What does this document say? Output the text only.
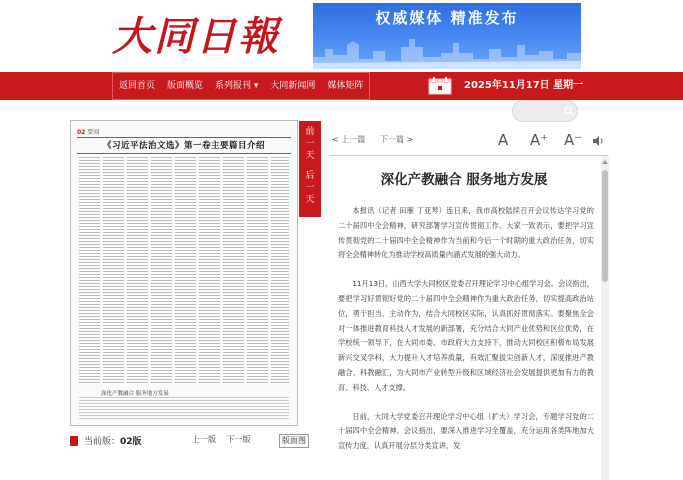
大同日報	权威媒体 精准发布
返回首页	版面概览	系列报刊 ▾	大同新闻网	媒体矩阵	2025年11月17日 星期一
02 要闻
《习近平法治文选》第一卷主要篇目介绍
深化产教融合 服务地方发展
前
一
天
后
一
天
当前版：02版	上一版 下一版	版面图
< 上一篇 下一篇 >	A A⁺ A⁻
深化产教融合 服务地方发展

本报讯（记者 田雁 丁亚琴）连日来，我市高校陆续召开会议传达学习党的二十届四中全会精神，研究部署学习宣传贯彻工作。大家一致表示，要把学习宣传贯彻党的二十届四中全会精神作为当前和今后一个时期的重大政治任务，切实将全会精神转化为推动学校高质量内涵式发展的强大动力。

11月13日，山西大学大同校区党委召开理论学习中心组学习会。会议指出，要把学习好贯彻好党的二十届四中全会精神作为重大政治任务，切实提高政治站位，勇于担当、主动作为，结合大同校区实际，认真抓好贯彻落实。要聚焦全会对一体推进教育科技人才发展的新部署，充分结合大同产业优势和区位优势，在学校统一领导下，在大同市委、市政府大力支持下，推动大同校区积极布局发展新兴交叉学科，大力提升人才培养质量，有效汇聚拔尖创新人才，深度推进产教融合、科教融汇，为大同市产业转型升级和区域经济社会发展提供更加有力的教育、科技、人才支撑。

日前，大同大学党委召开理论学习中心组（扩大）学习会，专题学习党的二十届四中全会精神。会议指出，要深入推进学习全覆盖，充分运用各类阵地加大宣传力度，认真开展分层分类宣讲，发
